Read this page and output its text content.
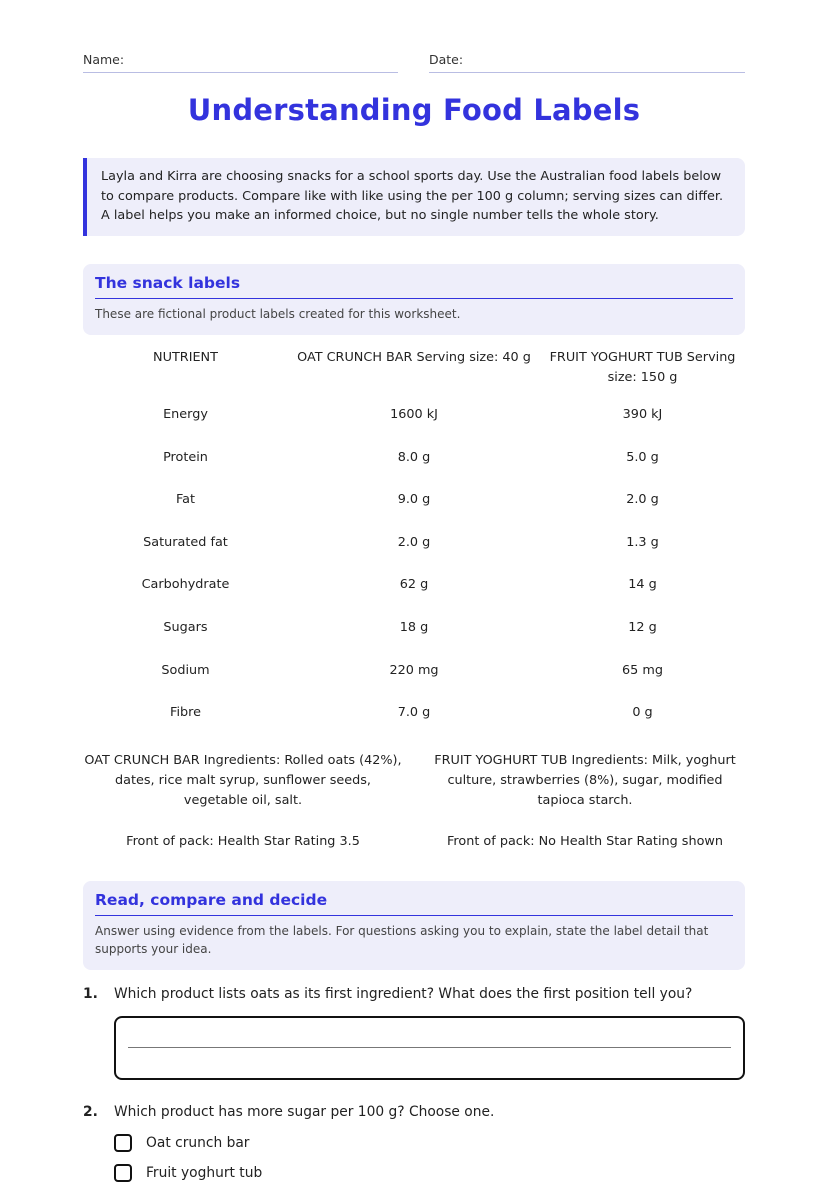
Name:	Date:
Understanding Food Labels
Layla and Kirra are choosing snacks for a school sports day. Use the Australian food labels below to compare products. Compare like with like using the per 100 g column; serving sizes can differ. A label helps you make an informed choice, but no single number tells the whole story.
The snack labels
These are fictional product labels created for this worksheet.
NUTRIENT	OAT CRUNCH BAR Serving size: 40 g	FRUIT YOGHURT TUB Serving size: 150 g
Energy	1600 kJ	390 kJ
Protein	8.0 g	5.0 g
Fat	9.0 g	2.0 g
Saturated fat	2.0 g	1.3 g
Carbohydrate	62 g	14 g
Sugars	18 g	12 g
Sodium	220 mg	65 mg
Fibre	7.0 g	0 g
OAT CRUNCH BAR Ingredients: Rolled oats (42%), dates, rice malt syrup, sunflower seeds, vegetable oil, salt.
FRUIT YOGHURT TUB Ingredients: Milk, yoghurt culture, strawberries (8%), sugar, modified tapioca starch.
Front of pack: Health Star Rating 3.5	Front of pack: No Health Star Rating shown
Read, compare and decide
Answer using evidence from the labels. For questions asking you to explain, state the label detail that supports your idea.
1. Which product lists oats as its first ingredient? What does the first position tell you?
2. Which product has more sugar per 100 g? Choose one.
Oat crunch bar
Fruit yoghurt tub
